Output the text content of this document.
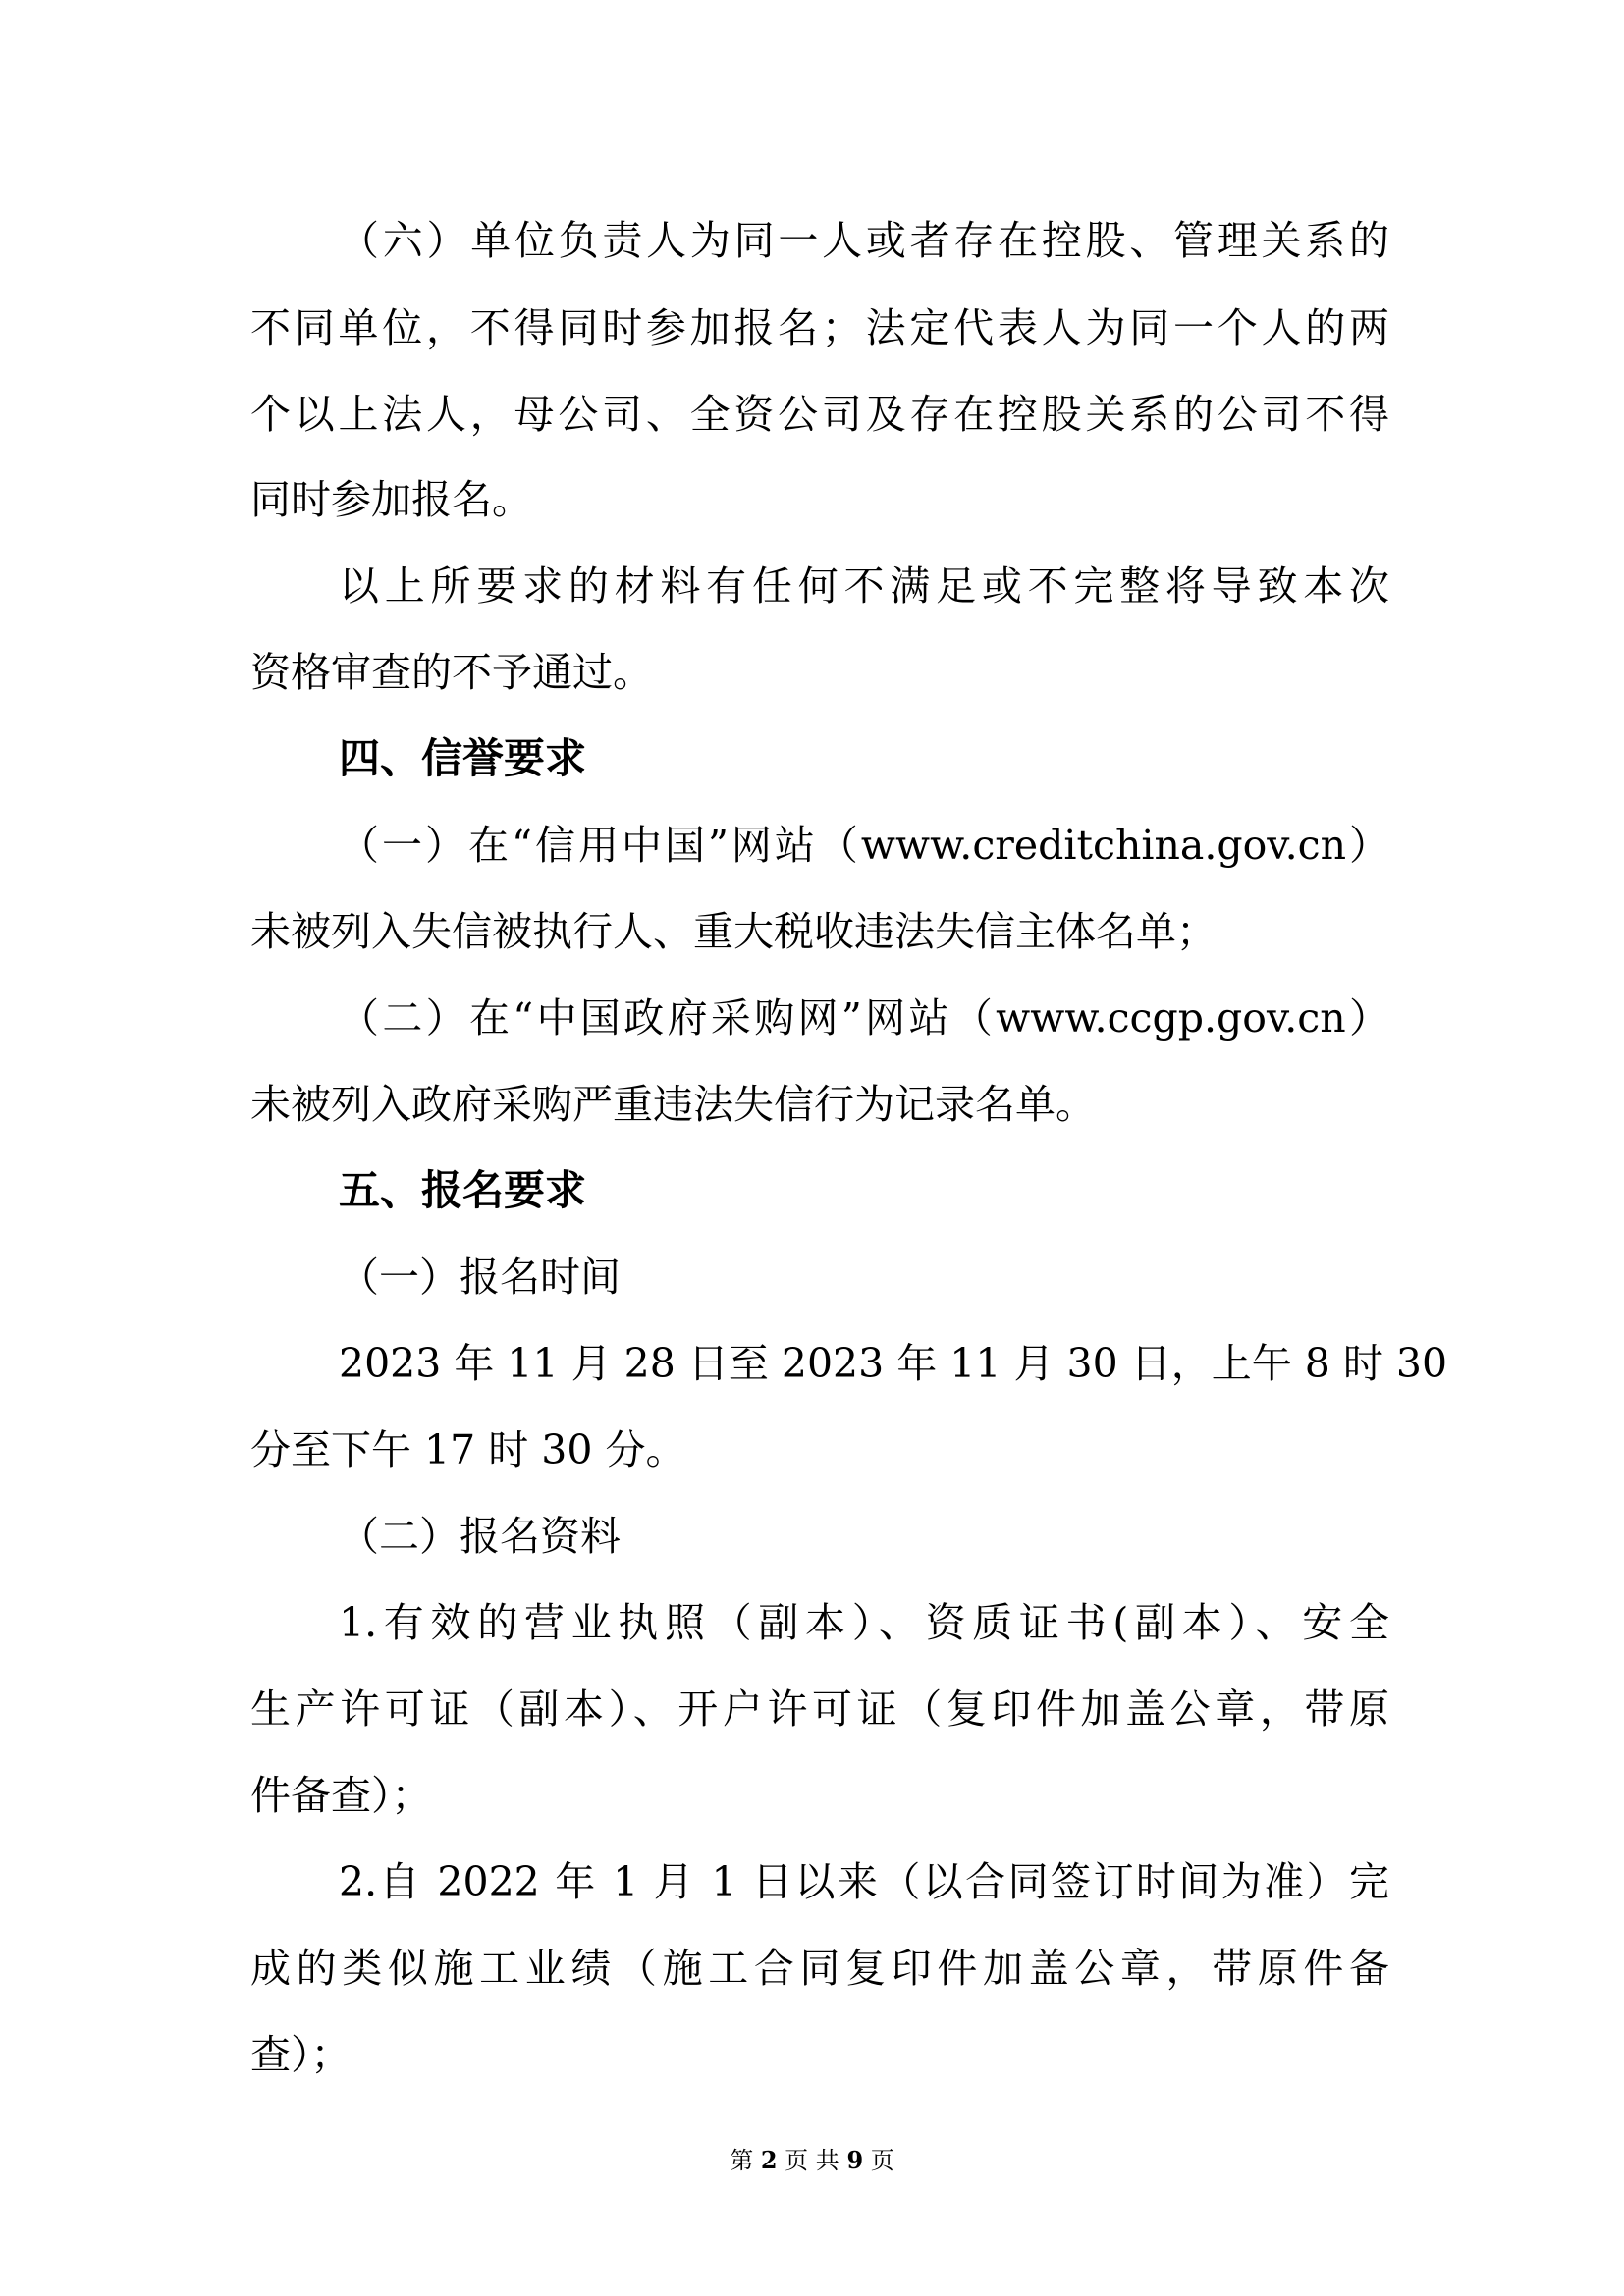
（六）单位负责人为同一人或者存在控股、管理关系的
不同单位，不得同时参加报名；法定代表人为同一个人的两
个以上法人，母公司、全资公司及存在控股关系的公司不得
同时参加报名。
以上所要求的材料有任何不满足或不完整将导致本次
资格审查的不予通过。
四、信誉要求
（一）在“信用中国”网站（www.creditchina.gov.cn）
未被列入失信被执行人、重大税收违法失信主体名单；
（二）在“中国政府采购网”网站（www.ccgp.gov.cn）
未被列入政府采购严重违法失信行为记录名单。
五、报名要求
（一）报名时间
2023 年 11 月 28 日至 2023 年 11 月 30 日，上午 8 时 30
分至下午 17 时 30 分。
（二）报名资料
1.有效的营业执照（副本）、资质证书(副本）、安全
生产许可证（副本）、开户许可证（复印件加盖公章，带原
件备查）；
2.自 2022 年 1 月 1 日以来（以合同签订时间为准）完
成的类似施工业绩（施工合同复印件加盖公章，带原件备
查）；
第 2 页 共 9 页
